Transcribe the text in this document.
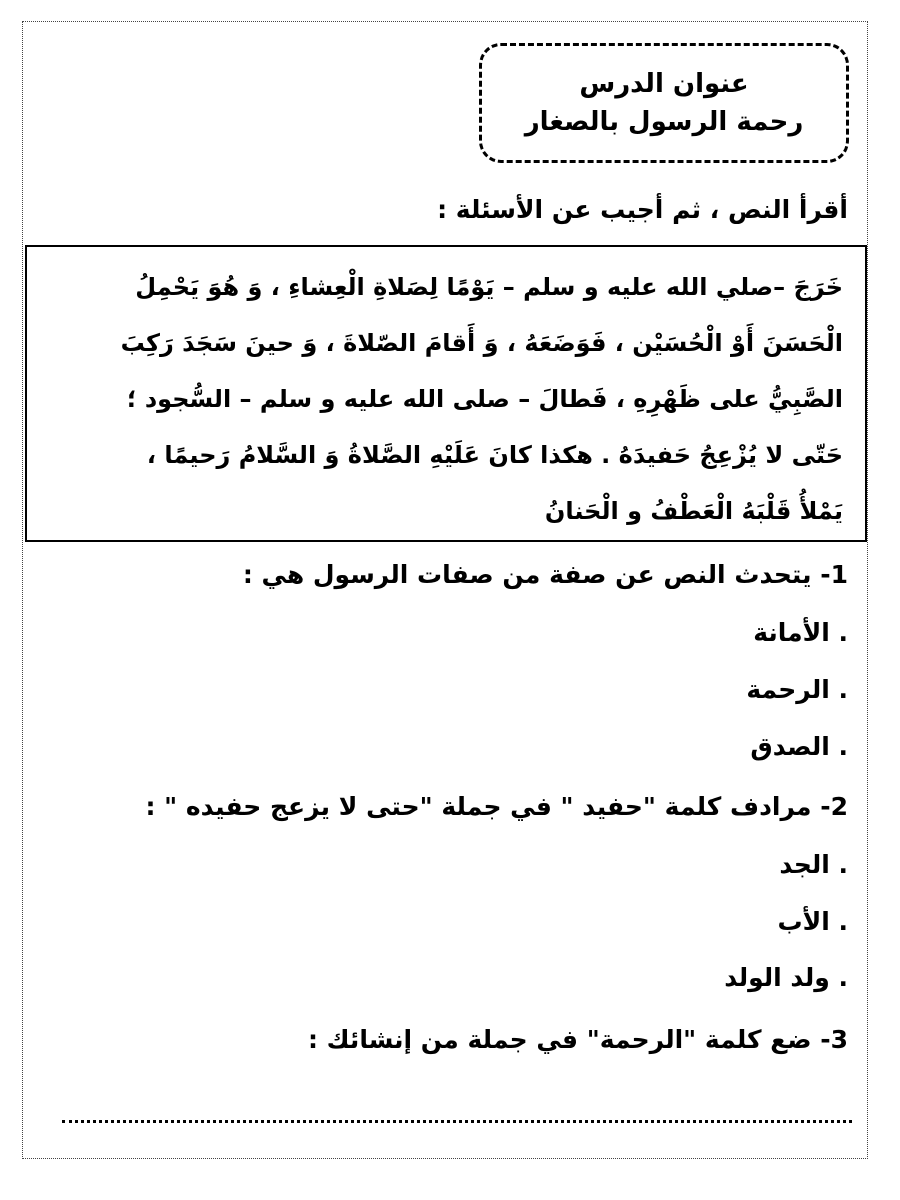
عنوان الدرس
رحمة الرسول بالصغار
أقرأ النص ، ثم أجيب عن الأسئلة :
خَرَجَ –صلي الله عليه و سلم – يَوْمًا لِصَلاةِ الْعِشاءِ ، وَ هُوَ يَحْمِلُ
الْحَسَنَ أَوْ الْحُسَيْن ، فَوَضَعَهُ ، وَ أَقامَ الصّلاةَ ، وَ حينَ سَجَدَ رَكِبَ
الصَّبِيُّ على ظَهْرِهِ ، فَطالَ – صلى الله عليه و سلم – السُّجود ؛
حَتّى لا يُزْعِجُ حَفيدَهُ . هكذا كانَ عَلَيْهِ الصَّلاةُ وَ السَّلامُ رَحيمًا ،
يَمْلأُ قَلْبَهُ الْعَطْفُ و الْحَنانُ
1- يتحدث النص عن صفة من صفات الرسول هي :
. الأمانة
. الرحمة
. الصدق
2- مرادف كلمة "حفيد " في جملة "حتى لا يزعج حفيده " :
. الجد
. الأب
. ولد الولد
3- ضع كلمة "الرحمة" في جملة من إنشائك :
